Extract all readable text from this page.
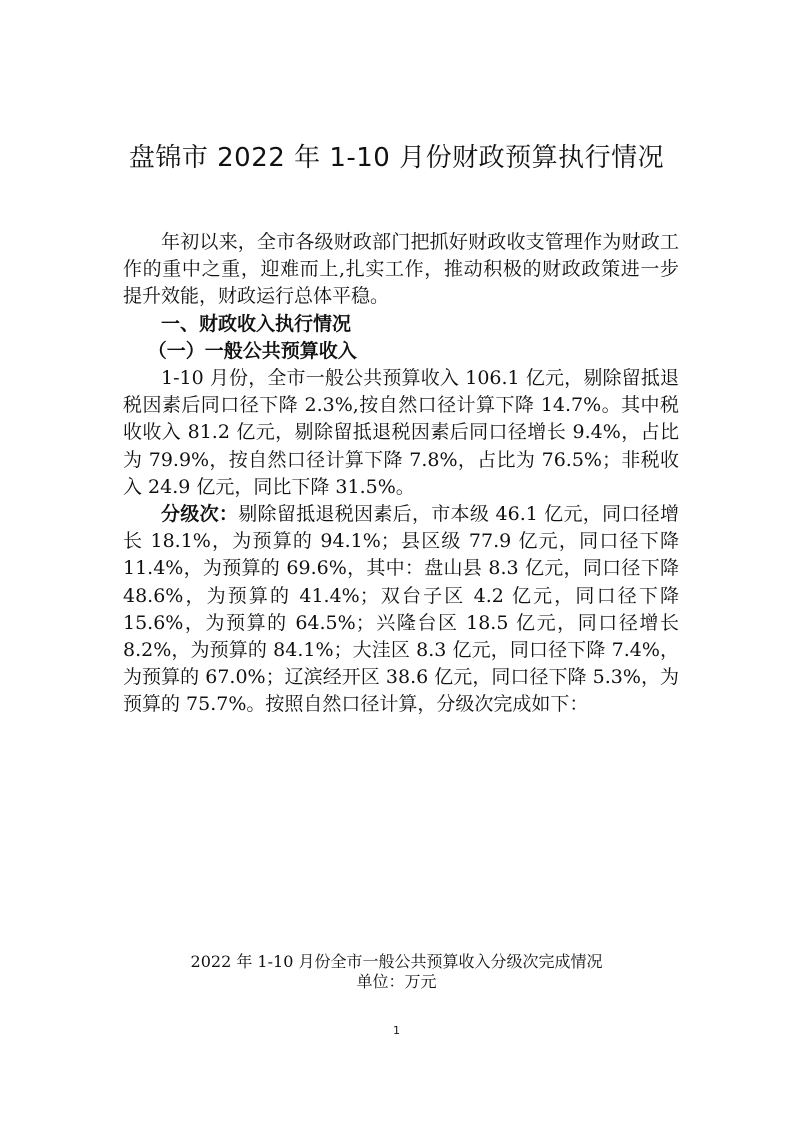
盘锦市 2022 年 1-10 月份财政预算执行情况

年初以来，全市各级财政部门把抓好财政收支管理作为财政工作的重中之重，迎难而上,扎实工作，推动积极的财政政策进一步提升效能，财政运行总体平稳。

一、财政收入执行情况
（一）一般公共预算收入

1-10 月份，全市一般公共预算收入 106.1 亿元，剔除留抵退税因素后同口径下降 2.3%,按自然口径计算下降 14.7%。其中税收收入 81.2 亿元，剔除留抵退税因素后同口径增长 9.4%，占比为 79.9%，按自然口径计算下降 7.8%，占比为 76.5%；非税收入 24.9 亿元，同比下降 31.5%。

分级次：剔除留抵退税因素后，市本级 46.1 亿元，同口径增长 18.1%，为预算的 94.1%；县区级 77.9 亿元，同口径下降 11.4%，为预算的 69.6%，其中：盘山县 8.3 亿元，同口径下降 48.6%，为预算的 41.4%；双台子区 4.2 亿元，同口径下降 15.6%，为预算的 64.5%；兴隆台区 18.5 亿元，同口径增长 8.2%，为预算的 84.1%；大洼区 8.3 亿元，同口径下降 7.4%，为预算的 67.0%；辽滨经开区 38.6 亿元，同口径下降 5.3%，为预算的 75.7%。按照自然口径计算，分级次完成如下：

2022 年 1-10 月份全市一般公共预算收入分级次完成情况
单位：万元
1
